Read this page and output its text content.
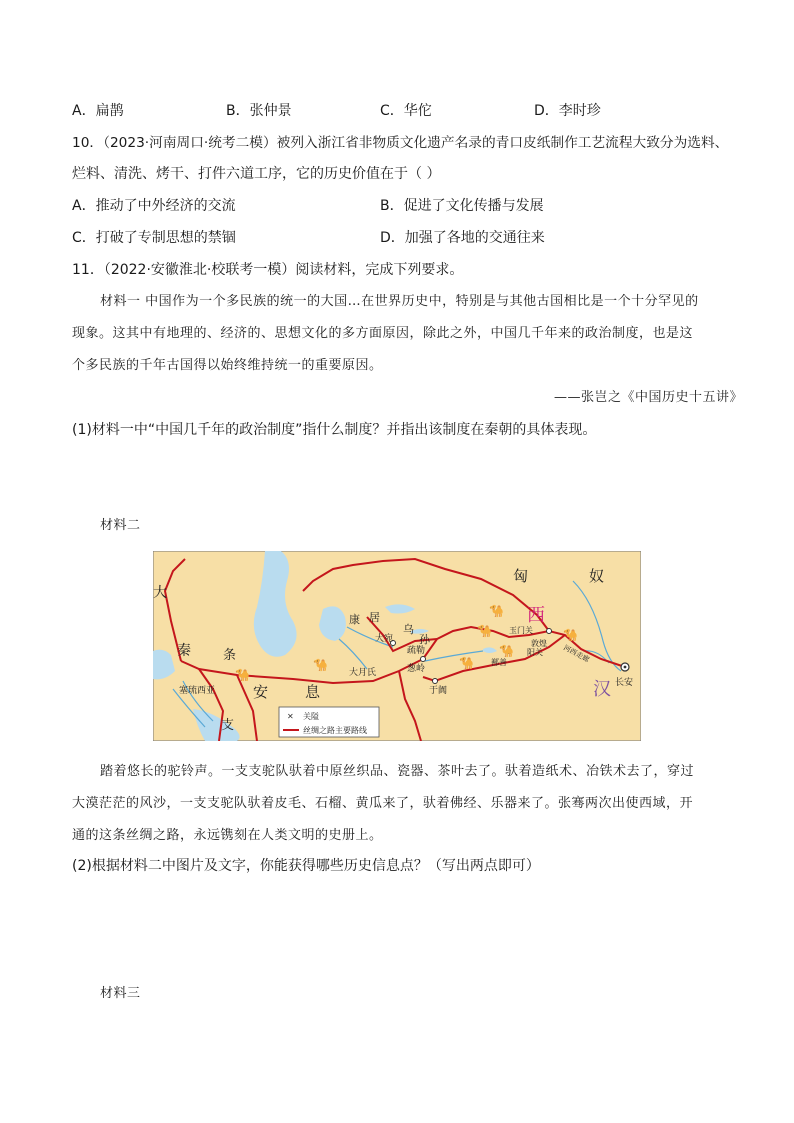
A．扁鹊	B．张仲景	C．华佗	D．李时珍
10．（2023·河南周口·统考二模）被列入浙江省非物质文化遗产名录的青口皮纸制作工艺流程大致分为选料、
烂料、清洗、烤干、打件六道工序，它的历史价值在于（ ）
A．推动了中外经济的交流	B．促进了文化传播与发展
C．打破了专制思想的禁锢	D．加强了各地的交通往来
11．（2022·安徽淮北·校联考一模）阅读材料，完成下列要求。
材料一 中国作为一个多民族的统一的大国…在世界历史中，特别是与其他古国相比是一个十分罕见的
现象。这其中有地理的、经济的、思想文化的多方面原因，除此之外，中国几千年来的政治制度，也是这
个多民族的千年古国得以始终维持统一的重要原因。
——张岂之《中国历史十五讲》
(1)材料一中“中国几千年的政治制度”指什么制度？并指出该制度在秦朝的具体表现。
材料二
🐪
🐪	🐪
🐪
🐪
🐪
🐪
匈	奴
西
汉
大
秦 条
支
安 息
康 居
乌
孙
大宛
大月氏
疏勒
葱岭
于阗
鄯善
阳关
玉门关
敦煌
河西走廊
长安
塞琉西亚
✕ 关隘
丝绸之路主要路线
踏着悠长的驼铃声。一支支驼队驮着中原丝织品、瓷器、茶叶去了。驮着造纸术、冶铁术去了，穿过
大漠茫茫的风沙，一支支驼队驮着皮毛、石榴、黄瓜来了，驮着佛经、乐器来了。张骞两次出使西域，开
通的这条丝绸之路，永远镌刻在人类文明的史册上。
(2)根据材料二中图片及文字，你能获得哪些历史信息点？（写出两点即可）
材料三
